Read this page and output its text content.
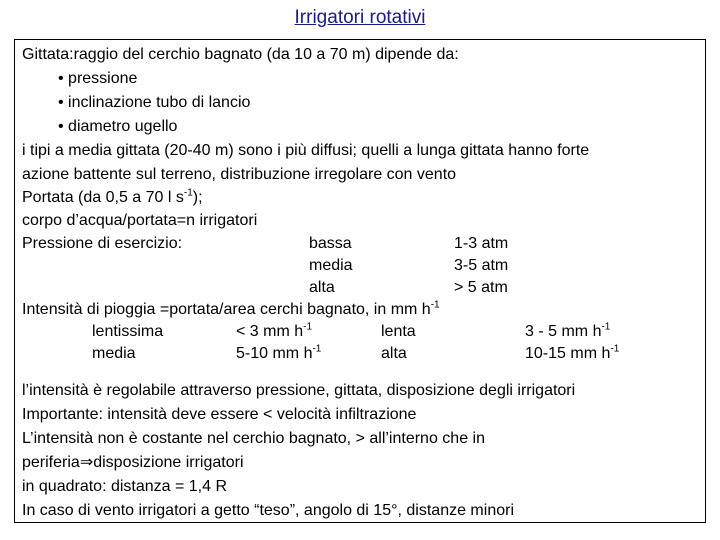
Irrigatori rotativi
Gittata:raggio del cerchio bagnato (da 10 a 70 m) dipende da:
• pressione
• inclinazione tubo di lancio
• diametro ugello
i tipi a media gittata (20-40 m) sono i più diffusi; quelli a lunga gittata hanno forte
azione battente sul terreno, distribuzione irregolare con vento
Portata (da 0,5 a 70 l $s^{-1}$);
corpo d’acqua/portata=n irrigatori
Pressione di esercizio:	bassa	1-3 atm
media	3-5 atm
alta	> 5 atm
Intensità di pioggia =portata/area cerchi bagnato, in mm $h^{-1}$
lentissima	< 3 mm $h^{-1}$	lenta	3 - 5 mm $h^{-1}$
media	5-10 mm $h^{-1}$	alta	10-15 mm $h^{-1}$
l’intensità è regolabile attraverso pressione, gittata, disposizione degli irrigatori
Importante: intensità deve essere < velocità infiltrazione
L’intensità non è costante nel cerchio bagnato, > all’interno che in
periferia⇒disposizione irrigatori
in quadrato: distanza = 1,4 R
In caso di vento irrigatori a getto “teso”, angolo di 15°, distanze minori
